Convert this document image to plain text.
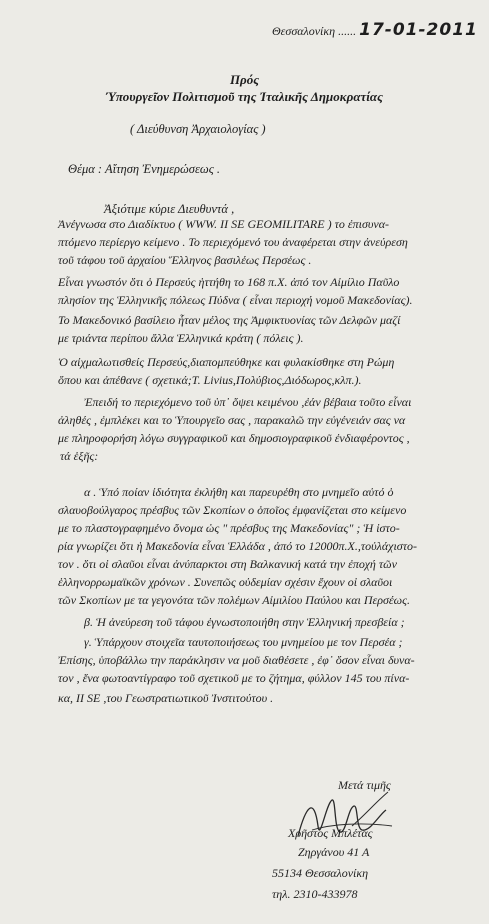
Θεσσαλονίκη ...... 17-01-2011
Πρός
Ύπουργεῖον Πολιτισμοῦ της Ἰταλικῆς Δημοκρατίας
( Διεύθυνση Ἀρχαιολογίας )
Θέμα : Αἴτηση Ἐνημερώσεως .
Ἀξιότιμε κύριε Διευθυντά ,
Ἀνέγνωσα στο Διαδίκτυο ( WWW. II SE GEOMILITARE ) το ἐπισυνα-
πτόμενο περίεργο κείμενο . Το περιεχόμενό του ἀναφέρεται στην ἀνεύρεση
τοῦ τάφου τοῦ ἀρχαίου Ἕλληνος βασιλέως Περσέως .
Εἶναι γνωστόν ὅτι ὁ Περσεύς ἡττήθη το 168 π.Χ. ἀπό τον Αἰμίλιο Παῦλο
πλησίον της Ἑλληνικῆς πόλεως Πύδνα ( εἶναι περιοχή νομοῦ Μακεδονίας).
Το Μακεδονικό βασίλειο ἦταν μέλος της Ἀμφικτυονίας τῶν Δελφῶν μαζί
με τριάντα περίπου ἄλλα Ἑλληνικά κράτη ( πόλεις ).
Ὁ αἰχμαλωτισθείς Περσεύς,διαπομπεύθηκε και φυλακίσθηκε στη Ρώμη
ὅπου και ἀπέθανε ( σχετικά;T. Livius,Πολύβιος,Διόδωρος,κλπ.).
Ἐπειδή το περιεχόμενο τοῦ ὑπ᾽ ὄψει κειμένου ,ἐάν βέβαια τοῦτο εἶναι
ἀληθές , ἐμπλέκει και το Ὑπουργεῖο σας , παρακαλῶ την εὐγένειάν σας να
με πληροφορήση λόγω συγγραφικοῦ και δημοσιογραφικοῦ ἐνδιαφέροντος ,
τά ἑξῆς:
α . Ὑπό ποίαν ἰδιότητα ἐκλήθη και παρευρέθη στο μνημεῖο αὐτό ὁ
σλαυοβούλγαρος πρέσβυς τῶν Σκοπίων ο ὁποῖος ἐμφανίζεται στο κείμενο
με το πλαστογραφημένο ὄνομα ὡς " πρέσβυς της Μακεδονίας" ; Ἡ ἱστο-
ρία γνωρίζει ὅτι ἡ Μακεδονία εἶναι Ἑλλάδα , ἀπό το 12000π.Χ.,τοὐλάχιστο-
τον . ὅτι οἱ σλαῦοι εἶναι ἀνύπαρκτοι στη Βαλκανική κατά την ἐποχή τῶν
ἑλληνορρωμαϊκῶν χρόνων . Συνεπῶς οὐδεμίαν σχέσιν ἔχουν οἱ σλαῦοι
τῶν Σκοπίων με τα γεγονότα τῶν πολέμων Αἰμιλίου Παύλου και Περσέως.
β. Ἡ ἀνεύρεση τοῦ τάφου ἐγνωστοποιήθη στην Ἑλληνική πρεσβεία ;
γ. Ὑπάρχουν στοιχεῖα ταυτοποιήσεως του μνημείου με τον Περσέα ;
Ἐπίσης, ὑποβάλλω την παράκλησιν να μοῦ διαθέσετε , ἐφ᾽ ὅσον εἶναι δυνα-
τον , ἕνα φωτοαντίγραφο τοῦ σχετικοῦ με το ζήτημα, φύλλον 145 του πίνα-
κα, II SE ,του Γεωστρατιωτικοῦ Ἰνστιτούτου .
Μετά τιμῆς
Χρῆστος Μπλέτας
Ζηργάνου 41 Α
55134 Θεσσαλονίκη
τηλ. 2310-433978
